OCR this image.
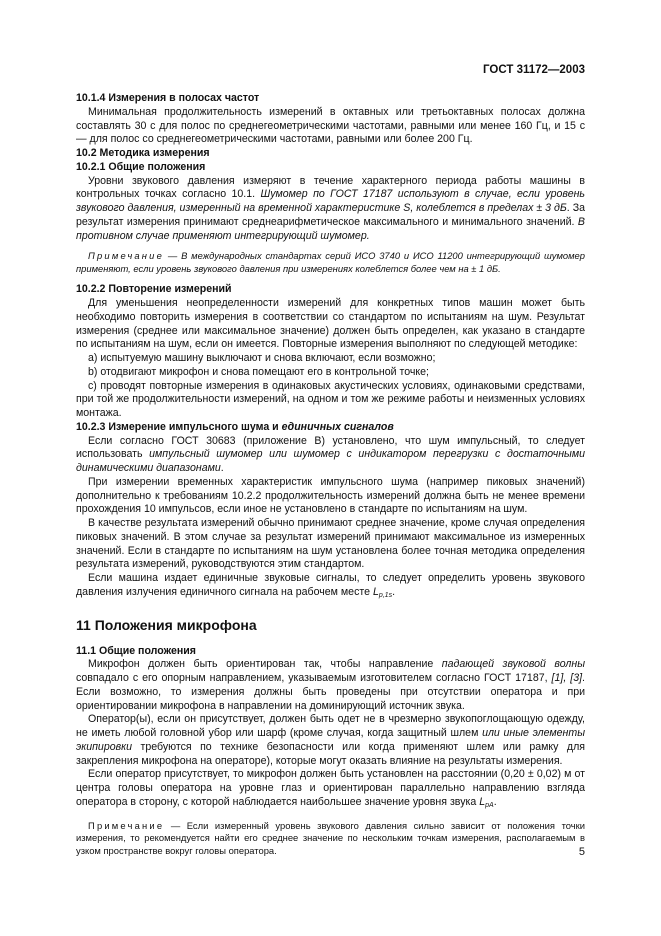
ГОСТ 31172—2003
10.1.4 Измерения в полосах частот
Минимальная продолжительность измерений в октавных или третьоктавных полосах должна составлять 30 с для полос по среднегеометрическими частотами, равными или менее 160 Гц, и 15 с — для полос со среднегеометрическими частотами, равными или более 200 Гц.
10.2 Методика измерения
10.2.1 Общие положения
Уровни звукового давления измеряют в течение характерного периода работы машины в контрольных точках согласно 10.1. Шумомер по ГОСТ 17187 используют в случае, если уровень звукового давления, измеренный на временной характеристике S, колеблется в пределах ± 3 дБ. За результат измерения принимают среднеарифметическое максимального и минимального значений. В противном случае применяют интегрирующий шумомер.
Примечание — В международных стандартах серий ИСО 3740 и ИСО 11200 интегрирующий шумомер применяют, если уровень звукового давления при измерениях колеблется более чем на ± 1 дБ.
10.2.2 Повторение измерений
Для уменьшения неопределенности измерений для конкретных типов машин может быть необходимо повторить измерения в соответствии со стандартом по испытаниям на шум. Результат измерения (среднее или максимальное значение) должен быть определен, как указано в стандарте по испытаниям на шум, если он имеется. Повторные измерения выполняют по следующей методике:
a) испытуемую машину выключают и снова включают, если возможно;
b) отодвигают микрофон и снова помещают его в контрольной точке;
c) проводят повторные измерения в одинаковых акустических условиях, одинаковыми средствами, при той же продолжительности измерений, на одном и том же режиме работы и неизменных условиях монтажа.
10.2.3 Измерение импульсного шума и единичных сигналов
Если согласно ГОСТ 30683 (приложение В) установлено, что шум импульсный, то следует использовать импульсный шумомер или шумомер с индикатором перегрузки с достаточными динамическими диапазонами.
При измерении временных характеристик импульсного шума (например пиковых значений) дополнительно к требованиям 10.2.2 продолжительность измерений должна быть не менее времени прохождения 10 импульсов, если иное не установлено в стандарте по испытаниям на шум.
В качестве результата измерений обычно принимают среднее значение, кроме случая определения пиковых значений. В этом случае за результат измерений принимают максимальное из измеренных значений. Если в стандарте по испытаниям на шум установлена более точная методика определения результата измерений, руководствуются этим стандартом.
Если машина издает единичные звуковые сигналы, то следует определить уровень звукового давления излучения единичного сигнала на рабочем месте $L_{p,1s}$.
11 Положения микрофона
11.1 Общие положения
Микрофон должен быть ориентирован так, чтобы направление падающей звуковой волны совпадало с его опорным направлением, указываемым изготовителем согласно ГОСТ 17187, [1], [3]. Если возможно, то измерения должны быть проведены при отсутствии оператора и при ориентировании микрофона в направлении на доминирующий источник звука.
Оператор(ы), если он присутствует, должен быть одет не в чрезмерно звукопоглощающую одежду, не иметь любой головной убор или шарф (кроме случая, когда защитный шлем или иные элементы экипировки требуются по технике безопасности или когда применяют шлем или рамку для закрепления микрофона на операторе), которые могут оказать влияние на результаты измерения.
Если оператор присутствует, то микрофон должен быть установлен на расстоянии (0,20 ± 0,02) м от центра головы оператора на уровне глаз и ориентирован параллельно направлению взгляда оператора в сторону, с которой наблюдается наибольшее значение уровня звука $L_{pA}$.
Примечание — Если измеренный уровень звукового давления сильно зависит от положения точки измерения, то рекомендуется найти его среднее значение по нескольким точкам измерения, располагаемым в узком пространстве вокруг головы оператора.	5
